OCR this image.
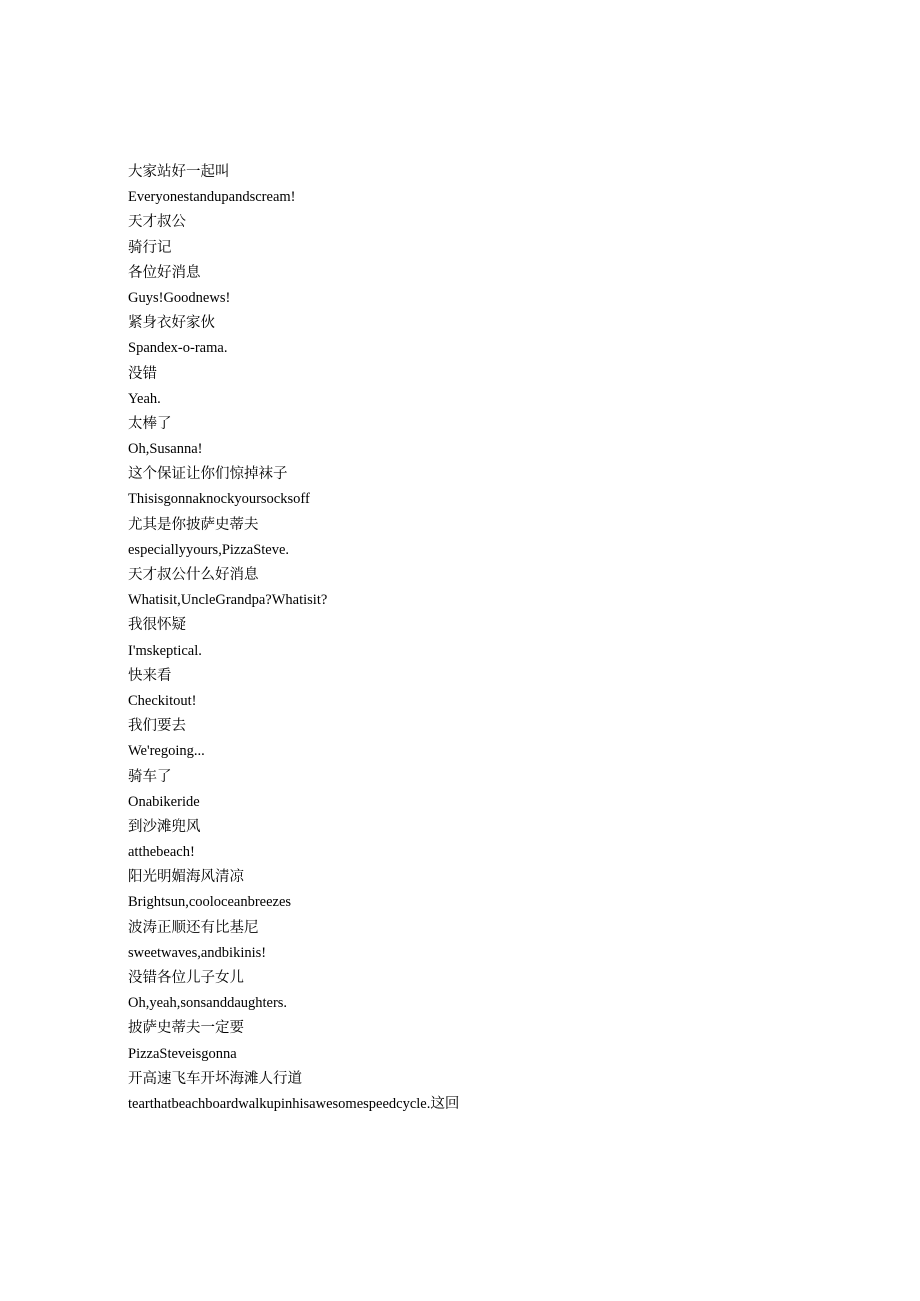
大家站好一起叫
Everyonestandupandscream!
天才叔公
骑行记
各位好消息
Guys!Goodnews!
紧身衣好家伙
Spandex-o-rama.
没错
Yeah.
太棒了
Oh,Susanna!
这个保证让你们惊掉袜子
Thisisgonnaknockyoursocksoff
尤其是你披萨史蒂夫
especiallyyours,PizzaSteve.
天才叔公什么好消息
Whatisit,UncleGrandpa?Whatisit?
我很怀疑
I'mskeptical.
快来看
Checkitout!
我们要去
We'regoing...
骑车了
Onabikeride
到沙滩兜风
atthebeach!
阳光明媚海风清凉
Brightsun,cooloceanbreezes
波涛正顺还有比基尼
sweetwaves,andbikinis!
没错各位儿子女儿
Oh,yeah,sonsanddaughters.
披萨史蒂夫一定要
PizzaSteveisgonna
开高速飞车开坏海滩人行道
tearthatbeachboardwalkupinhisawesomespeedcycle.这回
